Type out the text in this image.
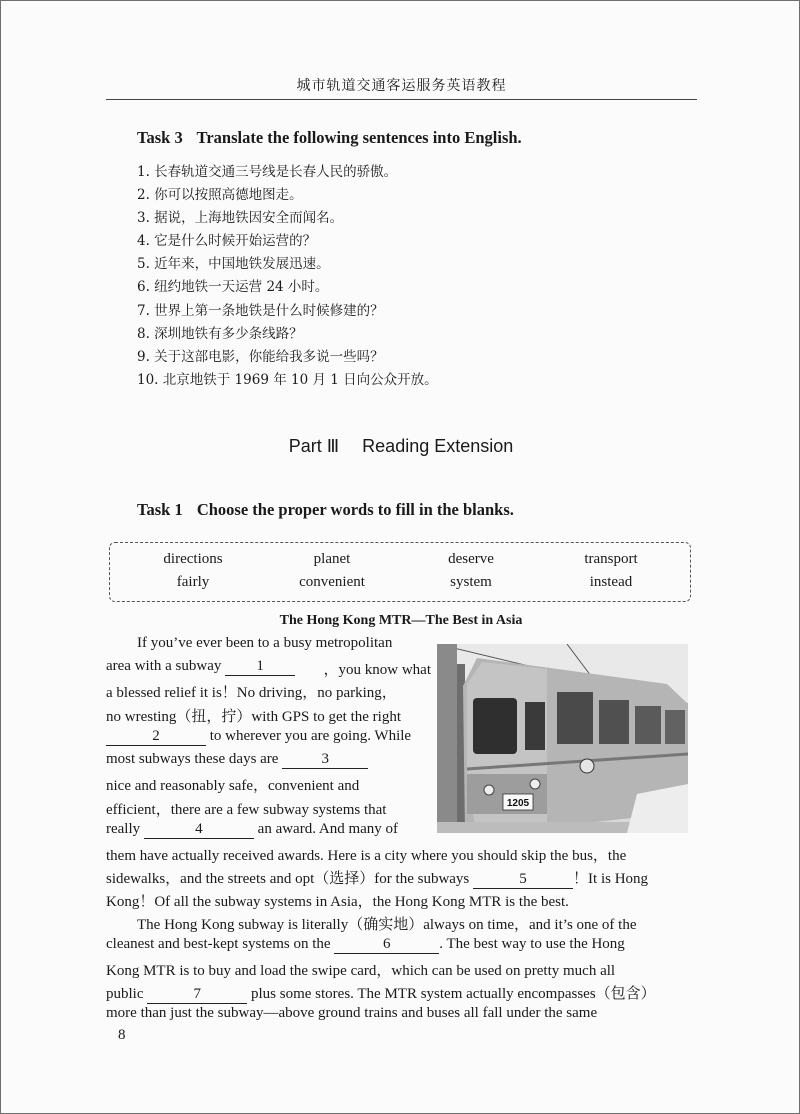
城市轨道交通客运服务英语教程
Task 3 Translate the following sentences into English.
1. 长春轨道交通三号线是长春人民的骄傲。
2. 你可以按照高德地图走。
3. 据说，上海地铁因安全而闻名。
4. 它是什么时候开始运营的？
5. 近年来，中国地铁发展迅速。
6. 纽约地铁一天运营 24 小时。
7. 世界上第一条地铁是什么时候修建的？
8. 深圳地铁有多少条线路？
9. 关于这部电影，你能给我多说一些吗？
10. 北京地铁于 1969 年 10 月 1 日向公众开放。
Part Ⅲ Reading Extension
Task 1 Choose the proper words to fill in the blanks.
directions	planet	deserve	transport
fairly	convenient	system	instead
The Hong Kong MTR—The Best in Asia
1205
If you’ve ever been to a busy metropolitan
area with a subway 1	，you know what
a blessed relief it is！No driving，no parking，
no wresting（扭，拧）with GPS to get the right
2	to wherever you are going. While
most subways these days are	3
nice and reasonably safe，convenient and
efficient，there are a few subway systems that
really	4	an award. And many of
them have actually received awards. Here is a city where you should skip the bus，the
sidewalks，and the streets and opt（选择）for the subways	5	！It is Hong
Kong！Of all the subway systems in Asia，the Hong Kong MTR is the best.
The Hong Kong subway is literally（确实地）always on time，and it’s one of the
cleanest and best-kept systems on the	6	. The best way to use the Hong
Kong MTR is to buy and load the swipe card，which can be used on pretty much all
public	7	plus some stores. The MTR system actually encompasses（包含）
more than just the subway—above ground trains and buses all fall under the same
8
